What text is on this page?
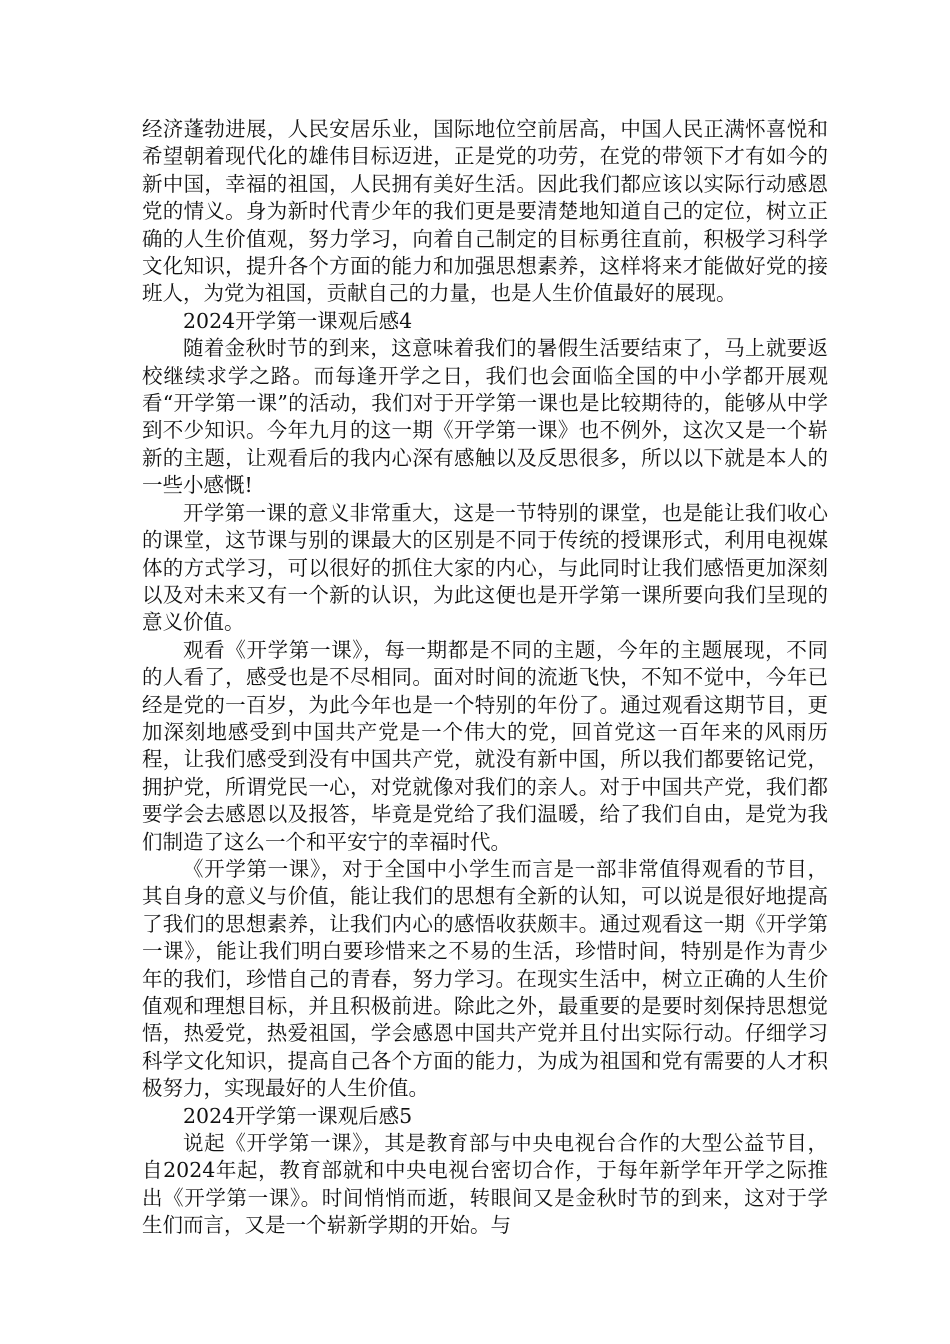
经济蓬勃进展，人民安居乐业，国际地位空前居高，中国人民正满怀喜悦和希望朝着现代化的雄伟目标迈进，正是党的功劳，在党的带领下才有如今的新中国，幸福的祖国，人民拥有美好生活。因此我们都应该以实际行动感恩党的情义。身为新时代青少年的我们更是要清楚地知道自己的定位，树立正确的人生价值观，努力学习，向着自己制定的目标勇往直前，积极学习科学文化知识，提升各个方面的能力和加强思想素养，这样将来才能做好党的接班人，为党为祖国，贡献自己的力量，也是人生价值最好的展现。

2024开学第一课观后感4

随着金秋时节的到来，这意味着我们的暑假生活要结束了，马上就要返校继续求学之路。而每逢开学之日，我们也会面临全国的中小学都开展观看“开学第一课”的活动，我们对于开学第一课也是比较期待的，能够从中学到不少知识。今年九月的这一期《开学第一课》也不例外，这次又是一个崭新的主题，让观看后的我内心深有感触以及反思很多，所以以下就是本人的一些小感慨!

开学第一课的意义非常重大，这是一节特别的课堂，也是能让我们收心的课堂，这节课与别的课最大的区别是不同于传统的授课形式，利用电视媒体的方式学习，可以很好的抓住大家的内心，与此同时让我们感悟更加深刻以及对未来又有一个新的认识，为此这便也是开学第一课所要向我们呈现的意义价值。

观看《开学第一课》，每一期都是不同的主题，今年的主题展现，不同的人看了，感受也是不尽相同。面对时间的流逝飞快，不知不觉中，今年已经是党的一百岁，为此今年也是一个特别的年份了。通过观看这期节目，更加深刻地感受到中国共产党是一个伟大的党，回首党这一百年来的风雨历程，让我们感受到没有中国共产党，就没有新中国，所以我们都要铭记党，拥护党，所谓党民一心，对党就像对我们的亲人。对于中国共产党，我们都要学会去感恩以及报答，毕竟是党给了我们温暖，给了我们自由，是党为我们制造了这么一个和平安宁的幸福时代。

《开学第一课》，对于全国中小学生而言是一部非常值得观看的节目，其自身的意义与价值，能让我们的思想有全新的认知，可以说是很好地提高了我们的思想素养，让我们内心的感悟收获颇丰。通过观看这一期《开学第一课》，能让我们明白要珍惜来之不易的生活，珍惜时间，特别是作为青少年的我们，珍惜自己的青春，努力学习。在现实生活中，树立正确的人生价值观和理想目标，并且积极前进。除此之外，最重要的是要时刻保持思想觉悟，热爱党，热爱祖国，学会感恩中国共产党并且付出实际行动。仔细学习科学文化知识，提高自己各个方面的能力，为成为祖国和党有需要的人才积极努力，实现最好的人生价值。

2024开学第一课观后感5

说起《开学第一课》，其是教育部与中央电视台合作的大型公益节目，自2024年起，教育部就和中央电视台密切合作，于每年新学年开学之际推出《开学第一课》。时间悄悄而逝，转眼间又是金秋时节的到来，这对于学生们而言，又是一个崭新学期的开始。与
